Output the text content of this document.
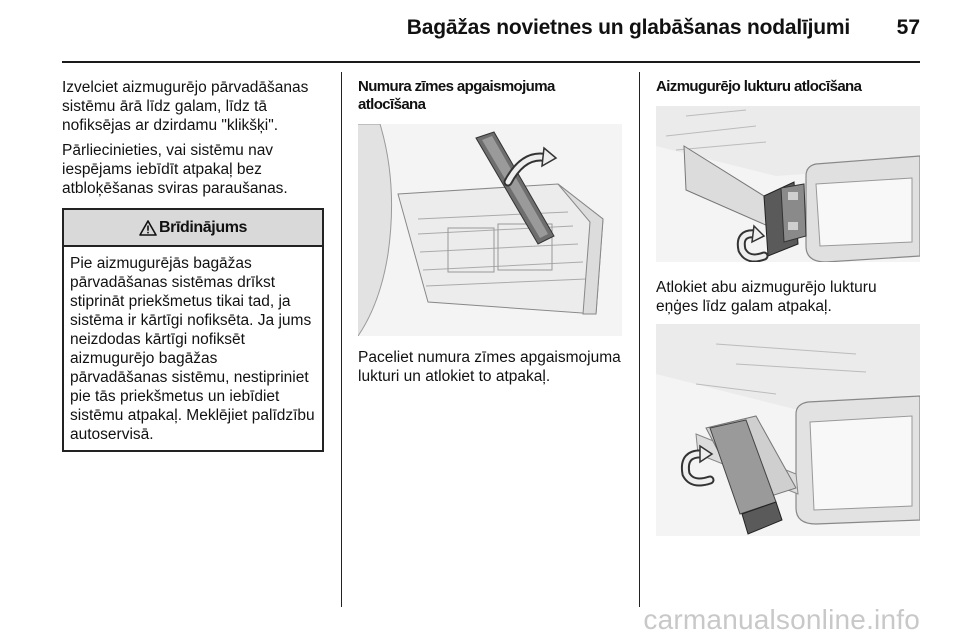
Bagāžas novietnes un glabāšanas nodalījumi 57

Izvelciet aizmugurējo pārvadāšanas sistēmu ārā līdz galam, līdz tā nofiksējas ar dzirdamu "klikšķi".

Pārliecinieties, vai sistēmu nav iespējams iebīdīt atpakaļ bez atbloķēšanas sviras paraušanas.

Brīdinājums
Pie aizmugurējās bagāžas pārvadāšanas sistēmas drīkst stiprināt priekšmetus tikai tad, ja sistēma ir kārtīgi nofiksēta. Ja jums neizdodas kārtīgi nofiksēt aizmugurējo bagāžas pārvadāšanas sistēmu, nestipriniet pie tās priekšmetus un iebīdiet sistēmu atpakaļ. Meklējiet palīdzību autoservisā.
Numura zīmes apgaismojuma atlocīšana

Paceliet numura zīmes apgaismojuma lukturi un atlokiet to atpakaļ.

Aizmugurējo lukturu atlocīšana

Atlokiet abu aizmugurējo lukturu eņģes līdz galam atpakaļ.

carmanualsonline.info
